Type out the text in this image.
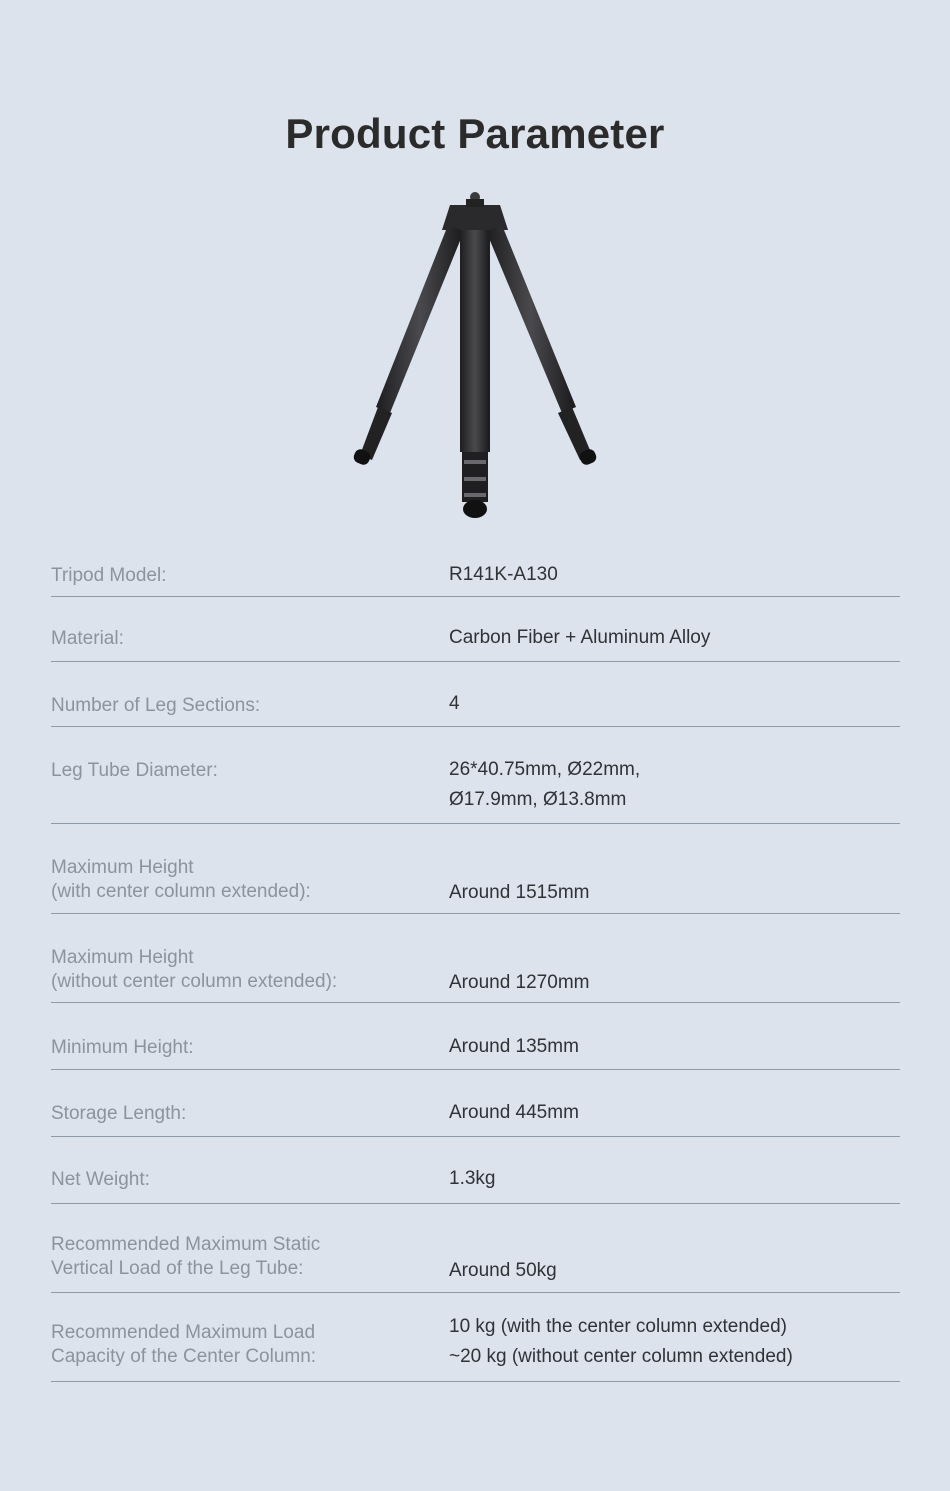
Product Parameter
Tripod Model:	R141K-A130
Material:	Carbon Fiber + Aluminum Alloy
Number of Leg Sections:	4
Leg Tube Diameter:	26*40.75mm, Ø22mm,
Ø17.9mm, Ø13.8mm
Maximum Height
(with center column extended):	Around 1515mm
Maximum Height
(without center column extended):	Around 1270mm
Minimum Height:	Around 135mm
Storage Length:	Around 445mm
Net Weight:	1.3kg
Recommended Maximum Static
Vertical Load of the Leg Tube:	Around 50kg
Recommended Maximum Load
Capacity of the Center Column:
10 kg (with the center column extended)
~20 kg (without center column extended)
